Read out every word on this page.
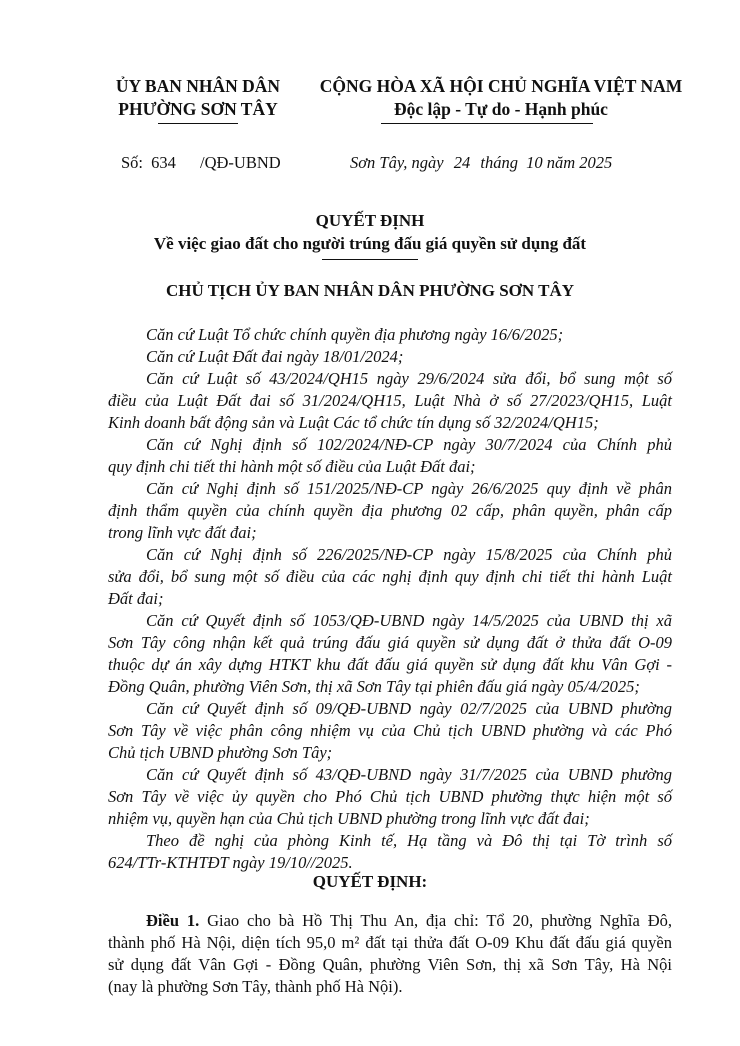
ỦY BAN NHÂN DÂN
PHƯỜNG SƠN TÂY
CỘNG HÒA XÃ HỘI CHỦ NGHĨA VIỆT NAM
Độc lập - Tự do - Hạnh phúc
Số: 634 /QĐ-UBND	Sơn Tây, ngày 24 tháng 10 năm 2025
QUYẾT ĐỊNH
Về việc giao đất cho người trúng đấu giá quyền sử dụng đất
CHỦ TỊCH ỦY BAN NHÂN DÂN PHƯỜNG SƠN TÂY
Căn cứ Luật Tổ chức chính quyền địa phương ngày 16/6/2025;
Căn cứ Luật Đất đai ngày 18/01/2024;
Căn cứ Luật số 43/2024/QH15 ngày 29/6/2024 sửa đổi, bổ sung một số
điều của Luật Đất đai số 31/2024/QH15, Luật Nhà ở số 27/2023/QH15, Luật
Kinh doanh bất động sản và Luật Các tổ chức tín dụng số 32/2024/QH15;
Căn cứ Nghị định số 102/2024/NĐ-CP ngày 30/7/2024 của Chính phủ
quy định chi tiết thi hành một số điều của Luật Đất đai;
Căn cứ Nghị định số 151/2025/NĐ-CP ngày 26/6/2025 quy định về phân
định thẩm quyền của chính quyền địa phương 02 cấp, phân quyền, phân cấp
trong lĩnh vực đất đai;
Căn cứ Nghị định số 226/2025/NĐ-CP ngày 15/8/2025 của Chính phủ
sửa đổi, bổ sung một số điều của các nghị định quy định chi tiết thi hành Luật
Đất đai;
Căn cứ Quyết định số 1053/QĐ-UBND ngày 14/5/2025 của UBND thị xã
Sơn Tây công nhận kết quả trúng đấu giá quyền sử dụng đất ở thửa đất O-09
thuộc dự án xây dựng HTKT khu đất đấu giá quyền sử dụng đất khu Vân Gợi -
Đồng Quân, phường Viên Sơn, thị xã Sơn Tây tại phiên đấu giá ngày 05/4/2025;
Căn cứ Quyết định số 09/QĐ-UBND ngày 02/7/2025 của UBND phường
Sơn Tây về việc phân công nhiệm vụ của Chủ tịch UBND phường và các Phó
Chủ tịch UBND phường Sơn Tây;
Căn cứ Quyết định số 43/QĐ-UBND ngày 31/7/2025 của UBND phường
Sơn Tây về việc ủy quyền cho Phó Chủ tịch UBND phường thực hiện một số
nhiệm vụ, quyền hạn của Chủ tịch UBND phường trong lĩnh vực đất đai;
Theo đề nghị của phòng Kinh tế, Hạ tầng và Đô thị tại Tờ trình số
624/TTr-KTHTĐT ngày 19/10//2025.
QUYẾT ĐỊNH:
Điều 1. Giao cho bà Hồ Thị Thu An, địa chỉ: Tổ 20, phường Nghĩa Đô,
thành phố Hà Nội, diện tích 95,0 m² đất tại thửa đất O-09 Khu đất đấu giá quyền
sử dụng đất Vân Gợi - Đồng Quân, phường Viên Sơn, thị xã Sơn Tây, Hà Nội
(nay là phường Sơn Tây, thành phố Hà Nội).
